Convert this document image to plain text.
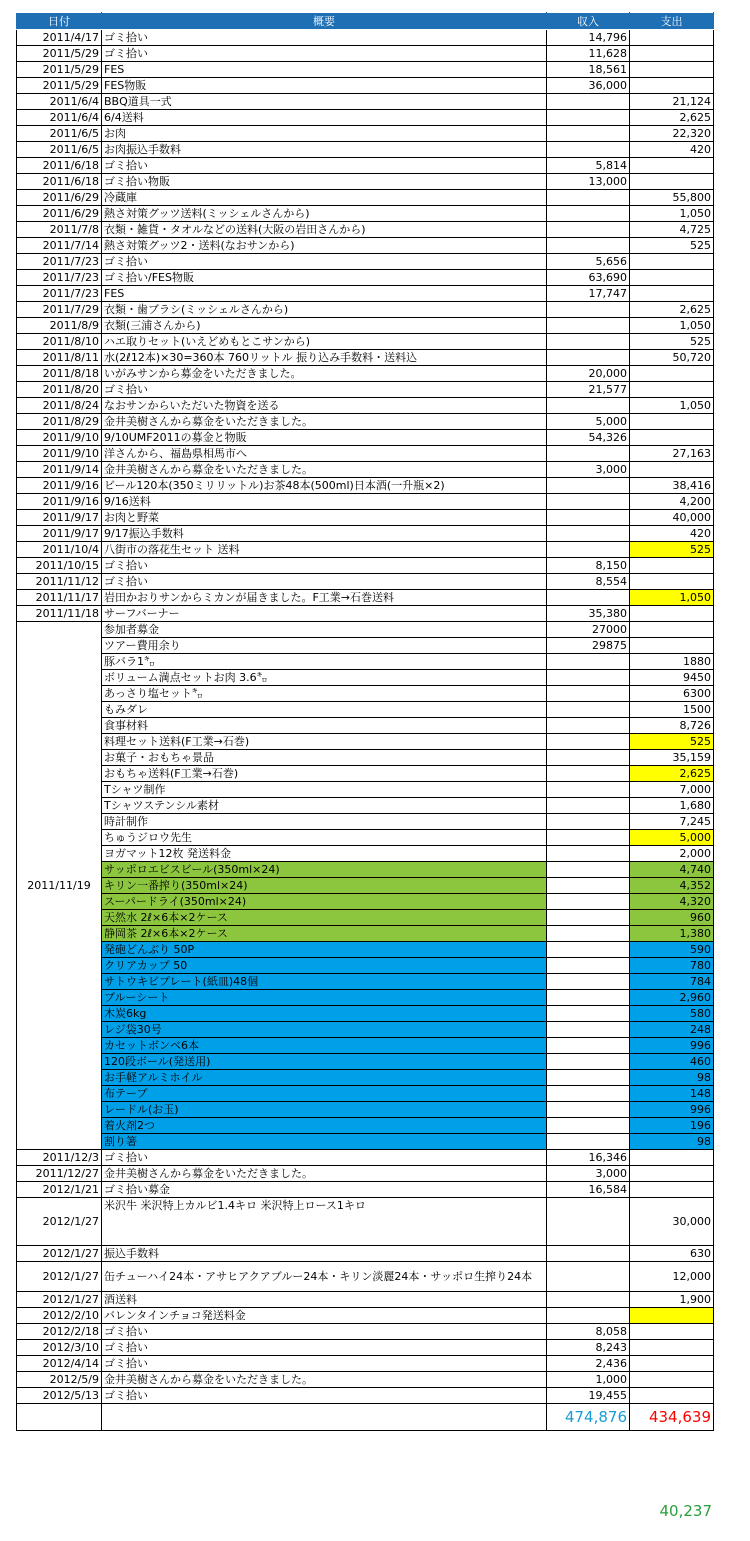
日付	概要	収入	支出
2011/4/17	ゴミ拾い	14,796	
2011/5/29	ゴミ拾い	11,628	
2011/5/29	FES	18,561	
2011/5/29	FES物販	36,000	
2011/6/4	BBQ道具一式		21,124
2011/6/4	6/4送料		2,625
2011/6/5	お肉		22,320
2011/6/5	お肉振込手数料		420
2011/6/18	ゴミ拾い	5,814	
2011/6/18	ゴミ拾い物販	13,000	
2011/6/29	冷蔵庫		55,800
2011/6/29	熱さ対策グッツ送料(ミッシェルさんから)		1,050
2011/7/8	衣類・雑貨・タオルなどの送料(大阪の岩田さんから)		4,725
2011/7/14	熱さ対策グッツ2・送料(なおサンから)		525
2011/7/23	ゴミ拾い	5,656	
2011/7/23	ゴミ拾い/FES物販	63,690	
2011/7/23	FES	17,747	
2011/7/29	衣類・歯ブラシ(ミッシェルさんから)		2,625
2011/8/9	衣類(三浦さんから)		1,050
2011/8/10	ハエ取りセット(いえどめもとこサンから)		525
2011/8/11	水(2ℓ12本)×30=360本 760リットル 振り込み手数料・送料込		50,720
2011/8/18	いがみサンから募金をいただきました。	20,000	
2011/8/20	ゴミ拾い	21,577	
2011/8/24	なおサンからいただいた物資を送る		1,050
2011/8/29	金井美樹さんから募金をいただきました。	5,000	
2011/9/10	9/10UMF2011の募金と物販	54,326	
2011/9/10	洋さんから、福島県相馬市へ		27,163
2011/9/14	金井美樹さんから募金をいただきました。	3,000	
2011/9/16	ビール120本(350ミリリットル)お茶48本(500ml)日本酒(一升瓶×2)		38,416
2011/9/16	9/16送料		4,200
2011/9/17	お肉と野菜		40,000
2011/9/17	9/17振込手数料		420
2011/10/4	八街市の落花生セット 送料		525
2011/10/15	ゴミ拾い	8,150	
2011/11/12	ゴミ拾い	8,554	
2011/11/17	岩田かおりサンからミカンが届きました。F工業→石巻送料		1,050
2011/11/18	サーフバーナー	35,380	
2011/11/19	参加者募金	27000	
	ツアー費用余り	29875	
	豚バラ1㌔		1880
	ボリューム満点セットお肉 3.6㌔		9450
	あっさり塩セット㌔		6300
	もみダレ		1500
	食事材料		8,726
	料理セット送料(F工業→石巻)		525
	お菓子・おもちゃ景品		35,159
	おもちゃ送料(F工業→石巻)		2,625
	Tシャツ制作		7,000
	Tシャツステンシル素材		1,680
	時計制作		7,245
	ちゅうジロウ先生		5,000
	ヨガマット12枚 発送料金		2,000
	サッポロエビスビール(350ml×24)		4,740
	キリン一番搾り(350ml×24)		4,352
	スーパードライ(350ml×24)		4,320
	天然水 2ℓ×6本×2ケース		960
	静岡茶 2ℓ×6本×2ケース		1,380
	発砲どんぶり 50P		590
	クリアカップ 50		780
	サトウキビプレート(紙皿)48個		784
	ブルーシート		2,960
	木炭6kg		580
	レジ袋30号		248
	カセットボンベ6本		996
	120段ボール(発送用)		460
	お手軽アルミホイル		98
	布テープ		148
	レードル(お玉)		996
	着火剤2つ		196
	割り箸		98
2011/12/3	ゴミ拾い	16,346	
2011/12/27	金井美樹さんから募金をいただきました。	3,000	
2012/1/21	ゴミ拾い募金	16,584	
2012/1/27	米沢牛 米沢特上カルビ1.4キロ 米沢特上ロース1キロ		30,000
2012/1/27	振込手数料		630
2012/1/27	缶チューハイ24本・アサヒアクアブルー24本・キリン淡麗24本・サッポロ生搾り24本		12,000
2012/1/27	酒送料		1,900
2012/2/10	バレンタインチョコ発送料金		
2012/2/18	ゴミ拾い	8,058	
2012/3/10	ゴミ拾い	8,243	
2012/4/14	ゴミ拾い	2,436	
2012/5/9	金井美樹さんから募金をいただきました。	1,000	
2012/5/13	ゴミ拾い	19,455	
		474,876	434,639
40,237
